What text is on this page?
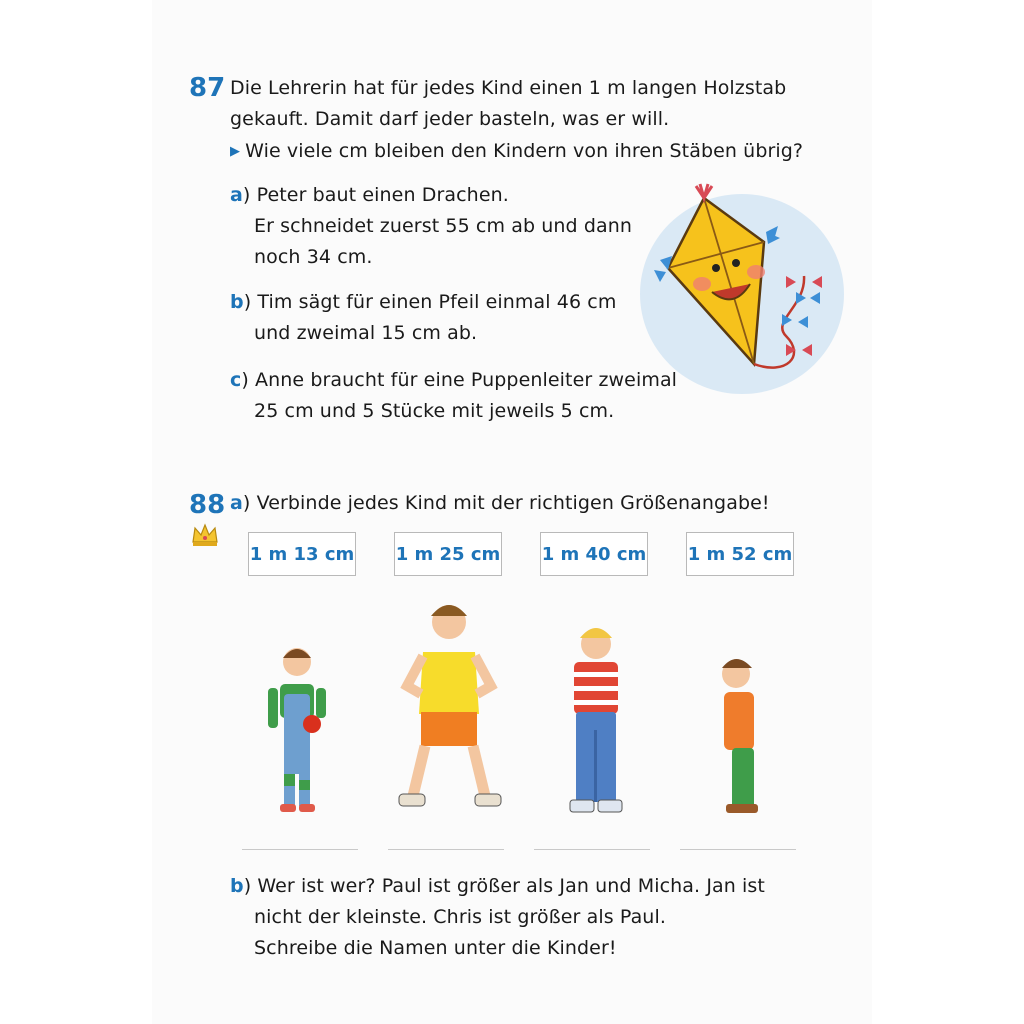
87 Die Lehrerin hat für jedes Kind einen 1 m langen Holzstab
gekauft. Damit darf jeder basteln, was er will.
▶ Wie viele cm bleiben den Kindern von ihren Stäben übrig?
a) Peter baut einen Drachen.
Er schneidet zuerst 55 cm ab und dann
noch 34 cm.
b) Tim sägt für einen Pfeil einmal 46 cm
und zweimal 15 cm ab.
c) Anne braucht für eine Puppenleiter zweimal
25 cm und 5 Stücke mit jeweils 5 cm.
88 a) Verbinde jedes Kind mit der richtigen Größenangabe!
1 m 13 cm 1 m 25 cm 1 m 40 cm 1 m 52 cm
b) Wer ist wer? Paul ist größer als Jan und Micha. Jan ist
nicht der kleinste. Chris ist größer als Paul.
Schreibe die Namen unter die Kinder!
